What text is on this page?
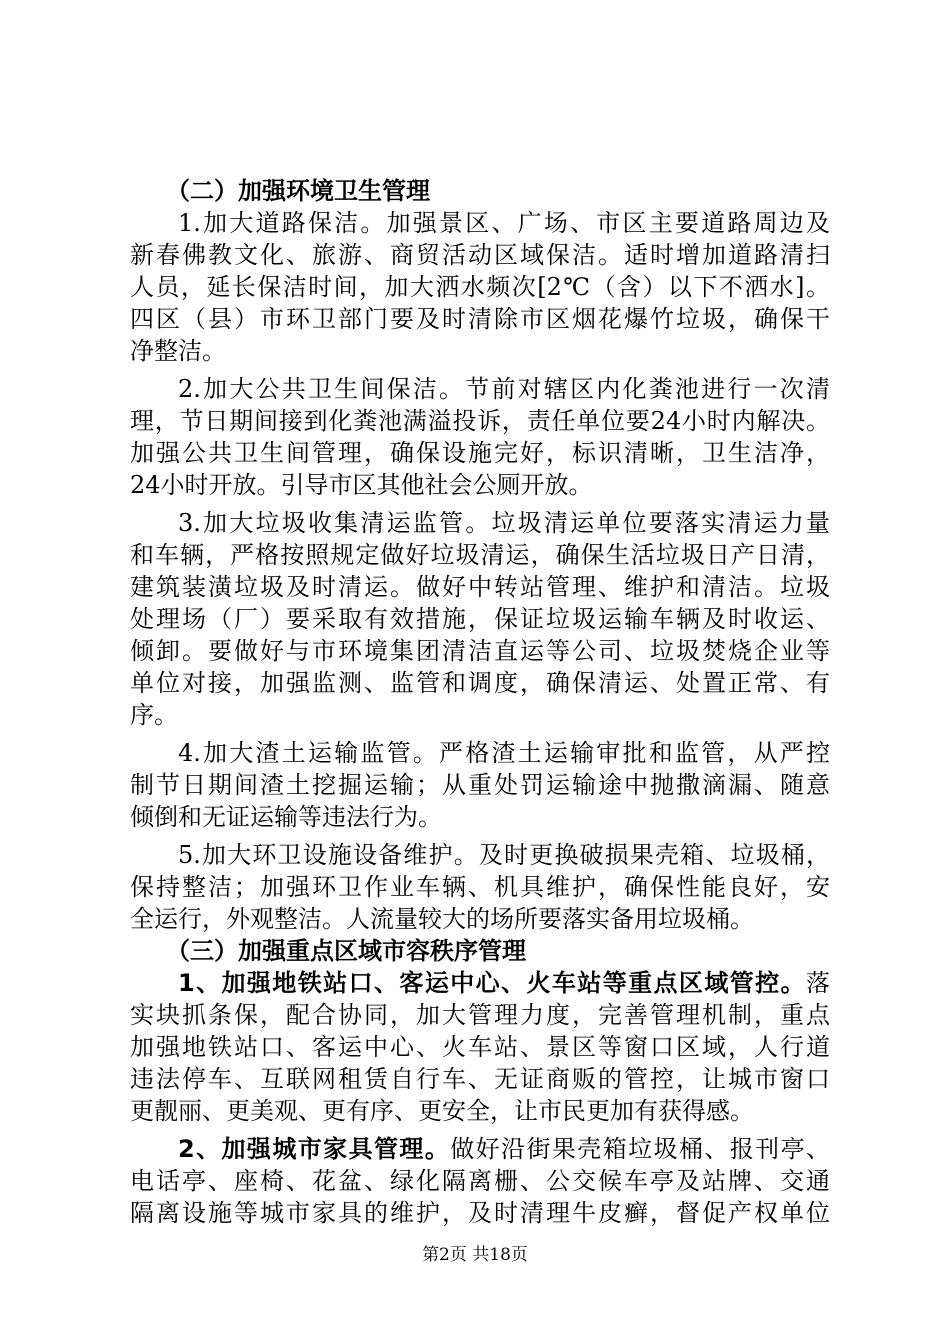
（二）加强环境卫生管理
1.加大道路保洁。加强景区、广场、市区主要道路周边及
新春佛教文化、旅游、商贸活动区域保洁。适时增加道路清扫
人员，延长保洁时间，加大洒水频次[2℃（含）以下不洒水]。
四区（县）市环卫部门要及时清除市区烟花爆竹垃圾，确保干
净整洁。
2.加大公共卫生间保洁。节前对辖区内化粪池进行一次清
理，节日期间接到化粪池满溢投诉，责任单位要24小时内解决。
加强公共卫生间管理，确保设施完好，标识清晰，卫生洁净，
24小时开放。引导市区其他社会公厕开放。
3.加大垃圾收集清运监管。垃圾清运单位要落实清运力量
和车辆，严格按照规定做好垃圾清运，确保生活垃圾日产日清，
建筑装潢垃圾及时清运。做好中转站管理、维护和清洁。垃圾
处理场（厂）要采取有效措施，保证垃圾运输车辆及时收运、
倾卸。要做好与市环境集团清洁直运等公司、垃圾焚烧企业等
单位对接，加强监测、监管和调度，确保清运、处置正常、有
序。
4.加大渣土运输监管。严格渣土运输审批和监管，从严控
制节日期间渣土挖掘运输；从重处罚运输途中抛撒滴漏、随意
倾倒和无证运输等违法行为。
5.加大环卫设施设备维护。及时更换破损果壳箱、垃圾桶，
保持整洁；加强环卫作业车辆、机具维护，确保性能良好，安
全运行，外观整洁。人流量较大的场所要落实备用垃圾桶。
（三）加强重点区域市容秩序管理
1、加强地铁站口、客运中心、火车站等重点区域管控。落
实块抓条保，配合协同，加大管理力度，完善管理机制，重点
加强地铁站口、客运中心、火车站、景区等窗口区域，人行道
违法停车、互联网租赁自行车、无证商贩的管控，让城市窗口
更靓丽、更美观、更有序、更安全，让市民更加有获得感。
2、加强城市家具管理。做好沿街果壳箱垃圾桶、报刊亭、
电话亭、座椅、花盆、绿化隔离栅、公交候车亭及站牌、交通
隔离设施等城市家具的维护，及时清理牛皮癣，督促产权单位
第2页 共18页
